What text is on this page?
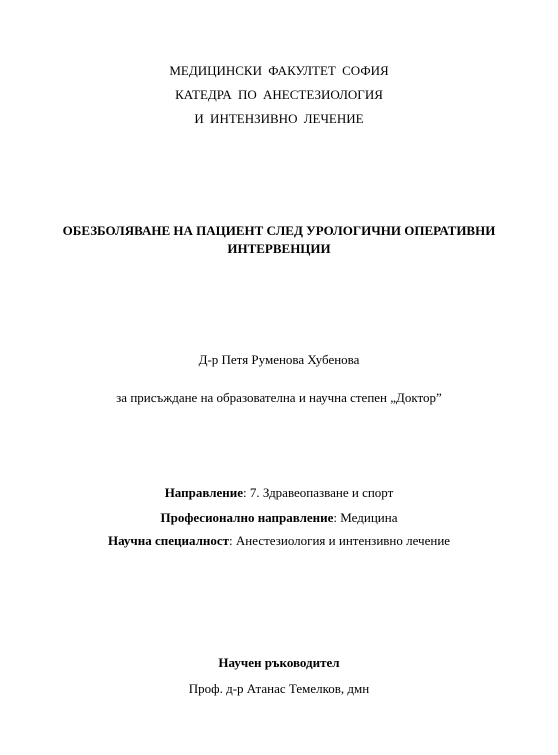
МЕДИЦИНСКИ ФАКУЛТЕТ СОФИЯ
КАТЕДРА ПО АНЕСТЕЗИОЛОГИЯ
И ИНТЕНЗИВНО ЛЕЧЕНИЕ
ОБЕЗБОЛЯВАНЕ НА ПАЦИЕНТ СЛЕД УРОЛОГИЧНИ ОПЕРАТИВНИ
ИНТЕРВЕНЦИИ
Д-р Петя Руменова Хубенова
за присъждане на образователна и научна степен „Доктор”
Направление: 7. Здравеопазване и спорт
Професионално направление: Медицина
Научна специалност: Анестезиология и интензивно лечение
Научен ръководител
Проф. д-р Атанас Темелков, дмн
